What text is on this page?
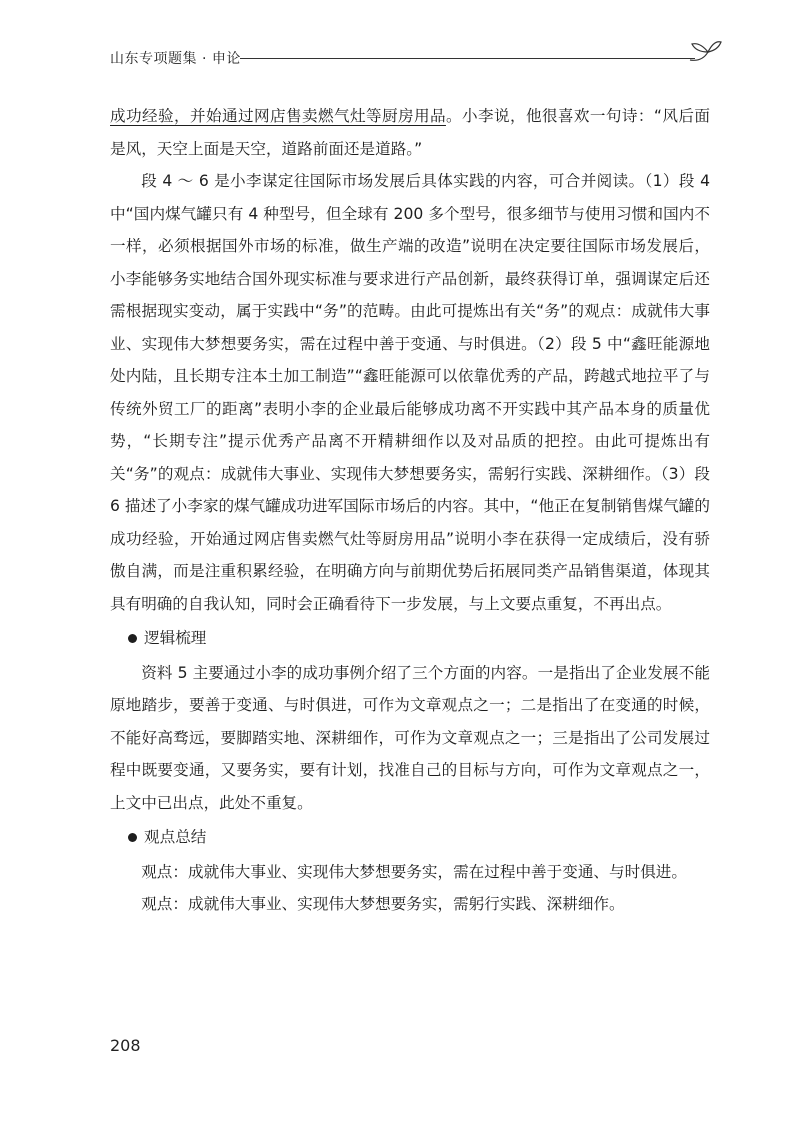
山东专项题集 · 申论

成功经验，并始通过网店售卖燃气灶等厨房用品。小李说，他很喜欢一句诗：“风后面是风，天空上面是天空，道路前面还是道路。”

段 4 ～ 6 是小李谋定往国际市场发展后具体实践的内容，可合并阅读。（1）段 4 中“国内煤气罐只有 4 种型号，但全球有 200 多个型号，很多细节与使用习惯和国内不一样，必须根据国外市场的标准，做生产端的改造”说明在决定要往国际市场发展后，小李能够务实地结合国外现实标准与要求进行产品创新，最终获得订单，强调谋定后还需根据现实变动，属于实践中“务”的范畴。由此可提炼出有关“务”的观点：成就伟大事业、实现伟大梦想要务实，需在过程中善于变通、与时俱进。（2）段 5 中“鑫旺能源地处内陆，且长期专注本土加工制造”“鑫旺能源可以依靠优秀的产品，跨越式地拉平了与传统外贸工厂的距离”表明小李的企业最后能够成功离不开实践中其产品本身的质量优势，“长期专注”提示优秀产品离不开精耕细作以及对品质的把控。由此可提炼出有关“务”的观点：成就伟大事业、实现伟大梦想要务实，需躬行实践、深耕细作。（3）段 6 描述了小李家的煤气罐成功进军国际市场后的内容。其中，“他正在复制销售煤气罐的成功经验，开始通过网店售卖燃气灶等厨房用品”说明小李在获得一定成绩后，没有骄傲自满，而是注重积累经验，在明确方向与前期优势后拓展同类产品销售渠道，体现其具有明确的自我认知，同时会正确看待下一步发展，与上文要点重复，不再出点。

逻辑梳理

资料 5 主要通过小李的成功事例介绍了三个方面的内容。一是指出了企业发展不能原地踏步，要善于变通、与时俱进，可作为文章观点之一；二是指出了在变通的时候，不能好高骛远，要脚踏实地、深耕细作，可作为文章观点之一；三是指出了公司发展过程中既要变通，又要务实，要有计划，找准自己的目标与方向，可作为文章观点之一，上文中已出点，此处不重复。

观点总结

观点：成就伟大事业、实现伟大梦想要务实，需在过程中善于变通、与时俱进。

观点：成就伟大事业、实现伟大梦想要务实，需躬行实践、深耕细作。

208
